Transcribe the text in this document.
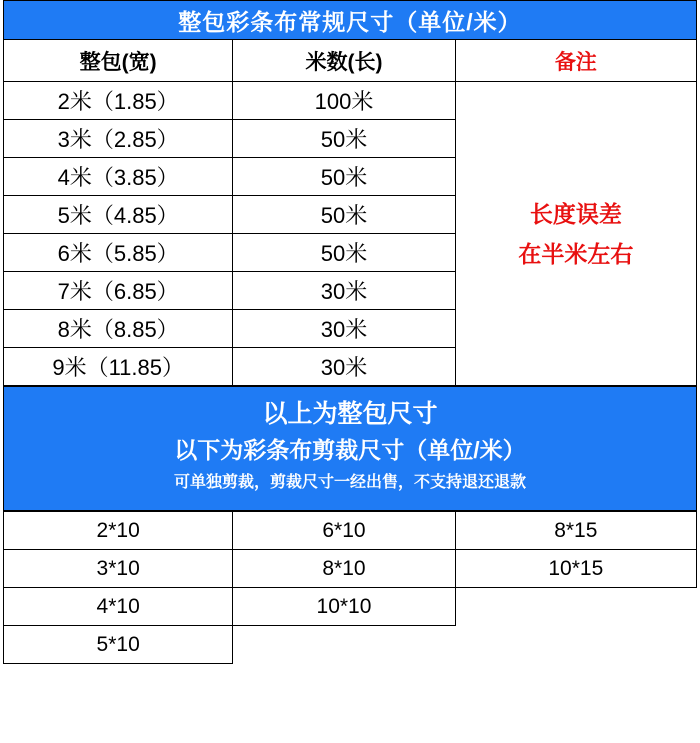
整包彩条布常规尺寸（单位/米）		
整包(宽)	米数(长)	备注
2米（1.85）	100米	长度误差
在半米左右

3米（2.85）	50米	
4米（3.85）	50米	
5米（4.85）	50米	
6米（5.85）	50米	
7米（6.85）	30米	
8米（8.85）	30米	
9米（11.85）	30米	
以上为整包尺寸
以下为彩条布剪裁尺寸（单位/米）
可单独剪裁，剪裁尺寸一经出售，不支持退还退款
2*10	6*10	8*15
3*10	8*10	10*15
4*10	10*10	
5*10		
